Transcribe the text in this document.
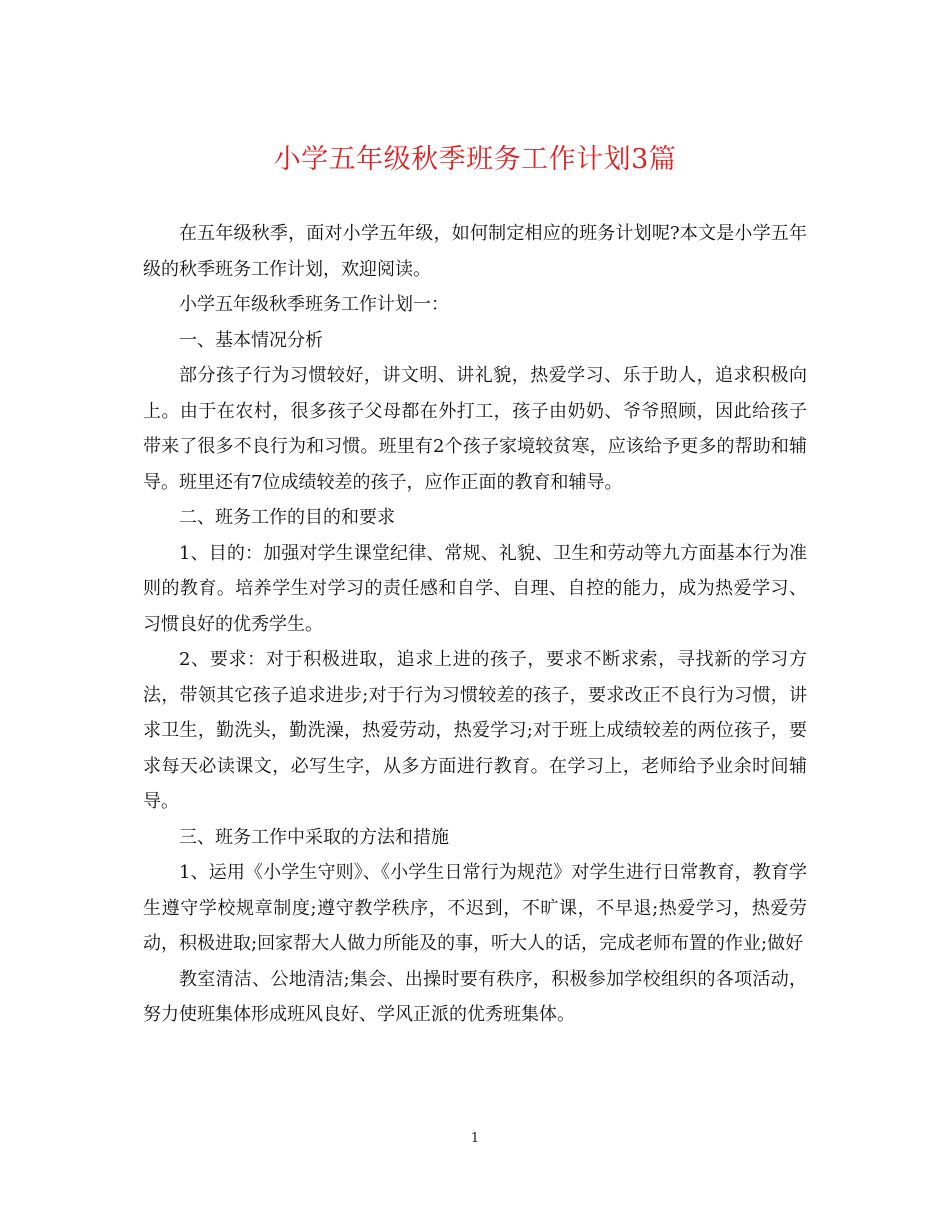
小学五年级秋季班务工作计划3篇

在五年级秋季，面对小学五年级，如何制定相应的班务计划呢?本文是小学五年级的秋季班务工作计划，欢迎阅读。

小学五年级秋季班务工作计划一：

一、基本情况分析

部分孩子行为习惯较好，讲文明、讲礼貌，热爱学习、乐于助人，追求积极向上。由于在农村，很多孩子父母都在外打工，孩子由奶奶、爷爷照顾，因此给孩子带来了很多不良行为和习惯。班里有2个孩子家境较贫寒，应该给予更多的帮助和辅导。班里还有7位成绩较差的孩子，应作正面的教育和辅导。

二、班务工作的目的和要求

1、目的：加强对学生课堂纪律、常规、礼貌、卫生和劳动等九方面基本行为准则的教育。培养学生对学习的责任感和自学、自理、自控的能力，成为热爱学习、习惯良好的优秀学生。

2、要求：对于积极进取，追求上进的孩子，要求不断求索，寻找新的学习方法，带领其它孩子追求进步;对于行为习惯较差的孩子，要求改正不良行为习惯，讲求卫生，勤洗头，勤洗澡，热爱劳动，热爱学习;对于班上成绩较差的两位孩子，要求每天必读课文，必写生字，从多方面进行教育。在学习上，老师给予业余时间辅导。

三、班务工作中采取的方法和措施

1、运用《小学生守则》、《小学生日常行为规范》对学生进行日常教育，教育学生遵守学校规章制度;遵守教学秩序，不迟到，不旷课，不早退;热爱学习，热爱劳动，积极进取;回家帮大人做力所能及的事，听大人的话，完成老师布置的作业;做好

教室清洁、公地清洁;集会、出操时要有秩序，积极参加学校组织的各项活动，努力使班集体形成班风良好、学风正派的优秀班集体。

1
